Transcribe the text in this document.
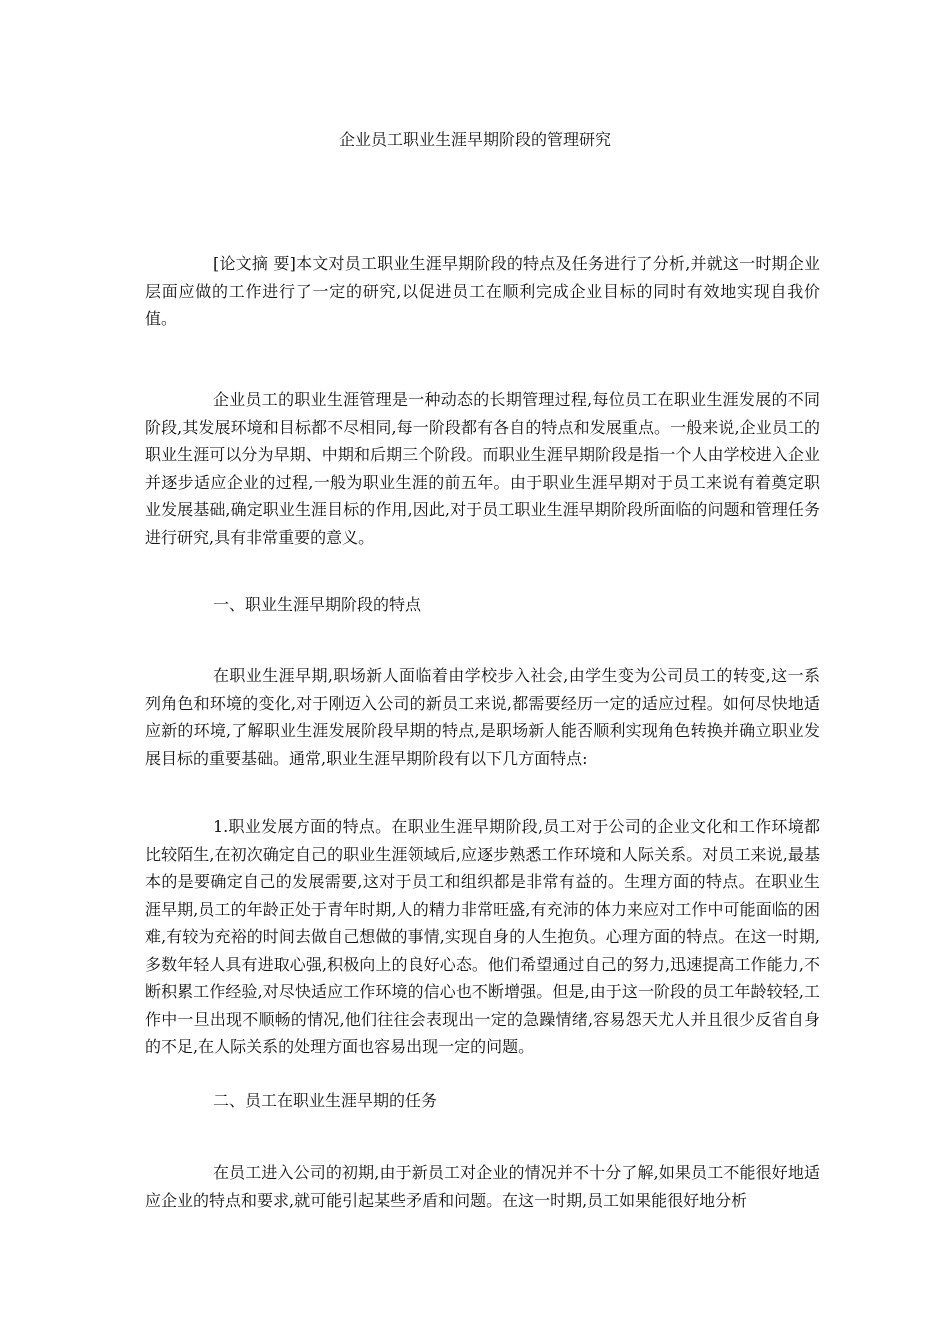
企业员工职业生涯早期阶段的管理研究

[论文摘 要]本文对员工职业生涯早期阶段的特点及任务进行了分析,并就这一时期企业层面应做的工作进行了一定的研究,以促进员工在顺利完成企业目标的同时有效地实现自我价值。

企业员工的职业生涯管理是一种动态的长期管理过程,每位员工在职业生涯发展的不同阶段,其发展环境和目标都不尽相同,每一阶段都有各自的特点和发展重点。一般来说,企业员工的职业生涯可以分为早期、中期和后期三个阶段。而职业生涯早期阶段是指一个人由学校进入企业并逐步适应企业的过程,一般为职业生涯的前五年。由于职业生涯早期对于员工来说有着奠定职业发展基础,确定职业生涯目标的作用,因此,对于员工职业生涯早期阶段所面临的问题和管理任务进行研究,具有非常重要的意义。

一、职业生涯早期阶段的特点

在职业生涯早期,职场新人面临着由学校步入社会,由学生变为公司员工的转变,这一系列角色和环境的变化,对于刚迈入公司的新员工来说,都需要经历一定的适应过程。如何尽快地适应新的环境,了解职业生涯发展阶段早期的特点,是职场新人能否顺利实现角色转换并确立职业发展目标的重要基础。通常,职业生涯早期阶段有以下几方面特点:

1.职业发展方面的特点。在职业生涯早期阶段,员工对于公司的企业文化和工作环境都比较陌生,在初次确定自己的职业生涯领域后,应逐步熟悉工作环境和人际关系。对员工来说,最基本的是要确定自己的发展需要,这对于员工和组织都是非常有益的。生理方面的特点。在职业生涯早期,员工的年龄正处于青年时期,人的精力非常旺盛,有充沛的体力来应对工作中可能面临的困难,有较为充裕的时间去做自己想做的事情,实现自身的人生抱负。心理方面的特点。在这一时期,多数年轻人具有进取心强,积极向上的良好心态。他们希望通过自己的努力,迅速提高工作能力,不断积累工作经验,对尽快适应工作环境的信心也不断增强。但是,由于这一阶段的员工年龄较轻,工作中一旦出现不顺畅的情况,他们往往会表现出一定的急躁情绪,容易怨天尤人并且很少反省自身的不足,在人际关系的处理方面也容易出现一定的问题。

二、员工在职业生涯早期的任务

在员工进入公司的初期,由于新员工对企业的情况并不十分了解,如果员工不能很好地适应企业的特点和要求,就可能引起某些矛盾和问题。在这一时期,员工如果能很好地分析
